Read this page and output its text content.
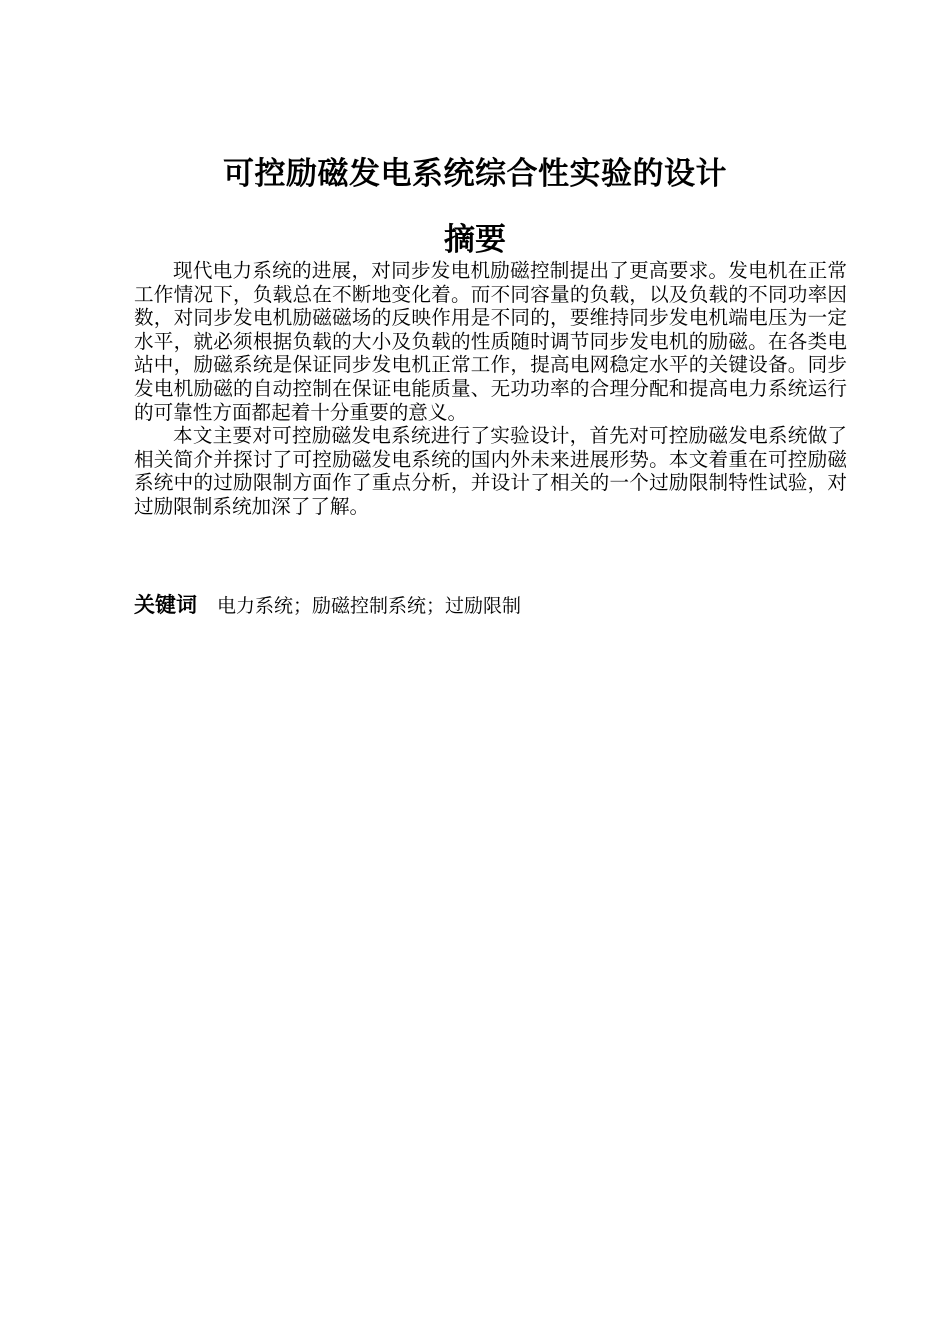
可控励磁发电系统综合性实验的设计
摘要

现代电力系统的进展，对同步发电机励磁控制提出了更高要求。发电机在正常工作情况下，负载总在不断地变化着。而不同容量的负载，以及负载的不同功率因数，对同步发电机励磁磁场的反映作用是不同的，要维持同步发电机端电压为一定水平，就必须根据负载的大小及负载的性质随时调节同步发电机的励磁。在各类电站中，励磁系统是保证同步发电机正常工作，提高电网稳定水平的关键设备。同步发电机励磁的自动控制在保证电能质量、无功功率的合理分配和提高电力系统运行的可靠性方面都起着十分重要的意义。

本文主要对可控励磁发电系统进行了实验设计，首先对可控励磁发电系统做了相关简介并探讨了可控励磁发电系统的国内外未来进展形势。本文着重在可控励磁系统中的过励限制方面作了重点分析，并设计了相关的一个过励限制特性试验，对过励限制系统加深了了解。

关键词 电力系统；励磁控制系统；过励限制
